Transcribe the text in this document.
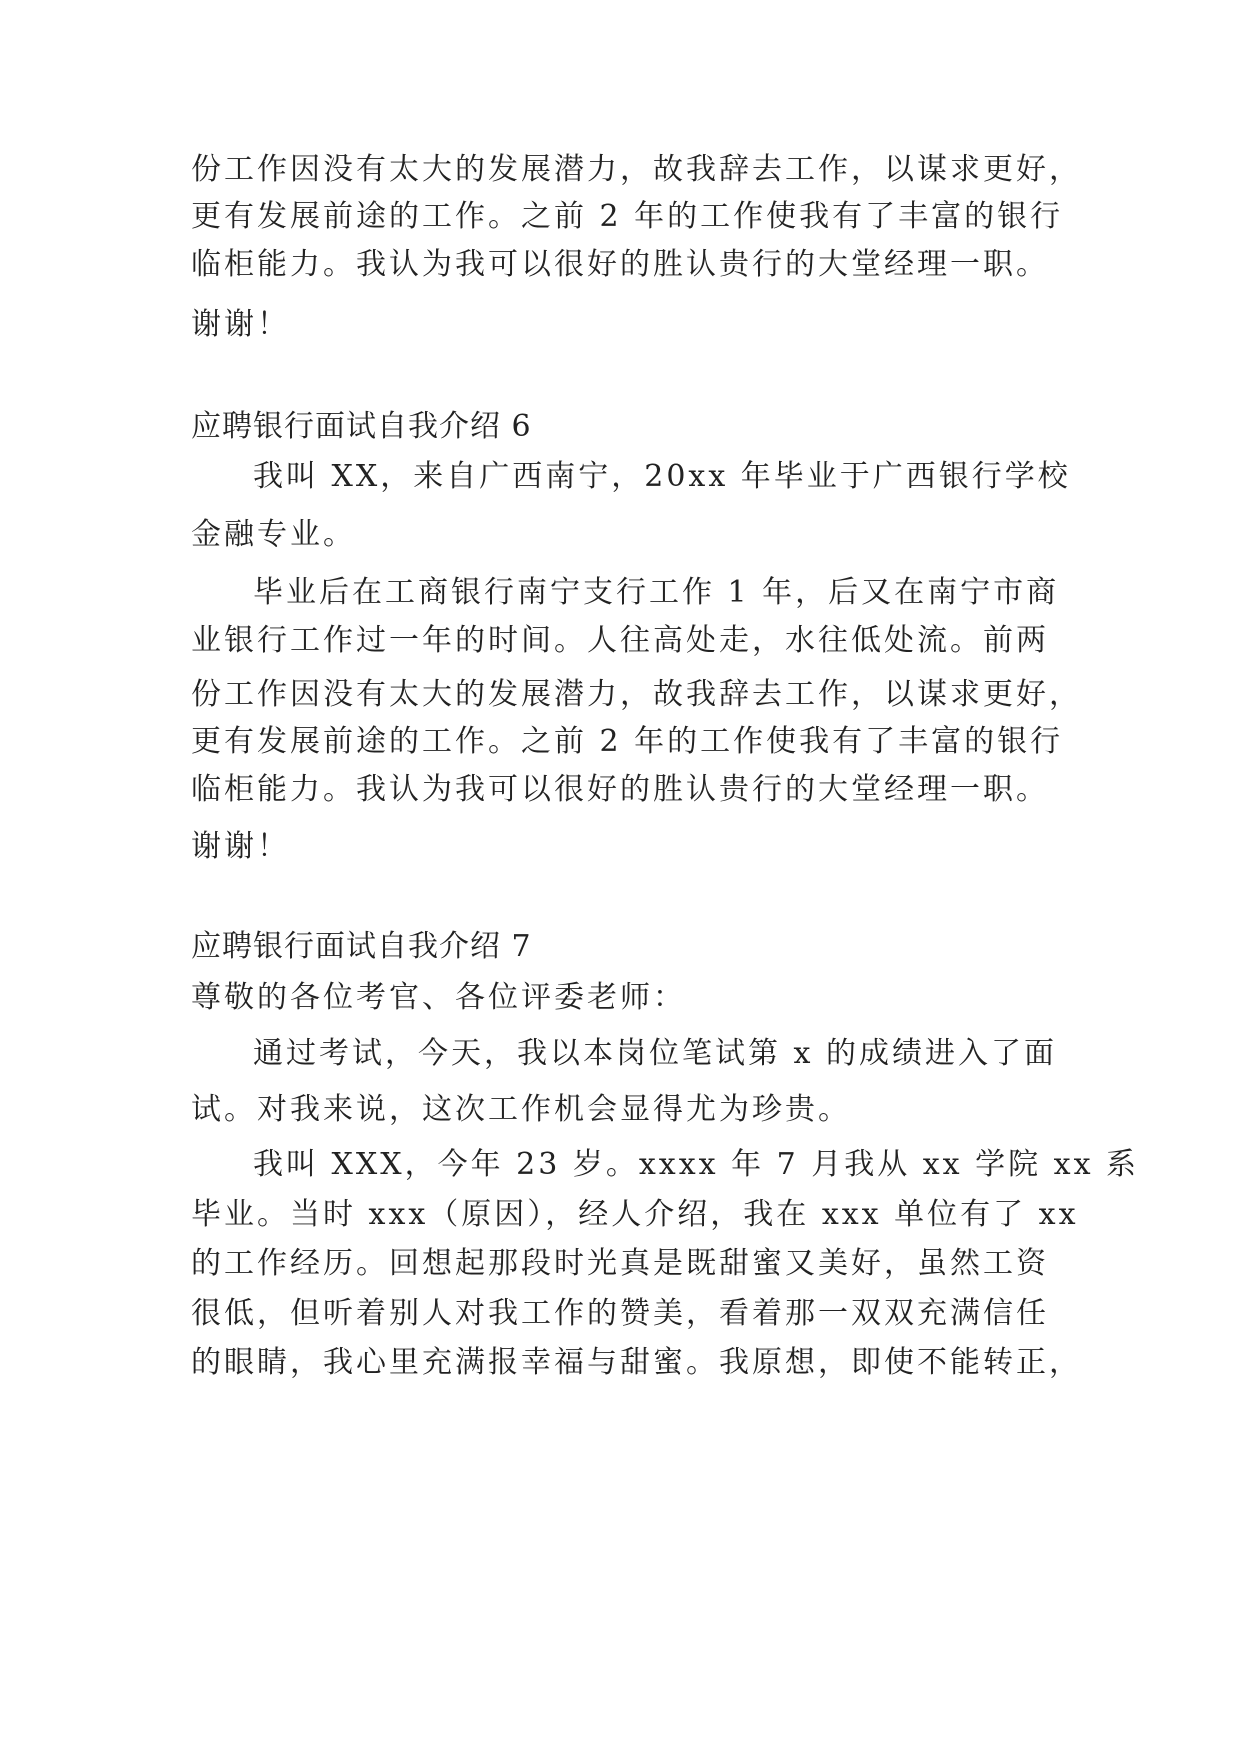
份工作因没有太大的发展潜力，故我辞去工作，以谋求更好，

更有发展前途的工作。之前 2 年的工作使我有了丰富的银行

临柜能力。我认为我可以很好的胜认贵行的大堂经理一职。

谢谢！

应聘银行面试自我介绍 6

我叫 XX，来自广西南宁，20xx 年毕业于广西银行学校

金融专业。

毕业后在工商银行南宁支行工作 1 年，后又在南宁市商

业银行工作过一年的时间。人往高处走，水往低处流。前两

份工作因没有太大的发展潜力，故我辞去工作，以谋求更好，

更有发展前途的工作。之前 2 年的工作使我有了丰富的银行

临柜能力。我认为我可以很好的胜认贵行的大堂经理一职。

谢谢！

应聘银行面试自我介绍 7

尊敬的各位考官、各位评委老师：

通过考试，今天，我以本岗位笔试第 x 的成绩进入了面

试。对我来说，这次工作机会显得尤为珍贵。

我叫 XXX，今年 23 岁。xxxx 年 7 月我从 xx 学院 xx 系

毕业。当时 xxx（原因），经人介绍，我在 xxx 单位有了 xx

的工作经历。回想起那段时光真是既甜蜜又美好，虽然工资

很低，但听着别人对我工作的赞美，看着那一双双充满信任

的眼睛，我心里充满报幸福与甜蜜。我原想，即使不能转正，
